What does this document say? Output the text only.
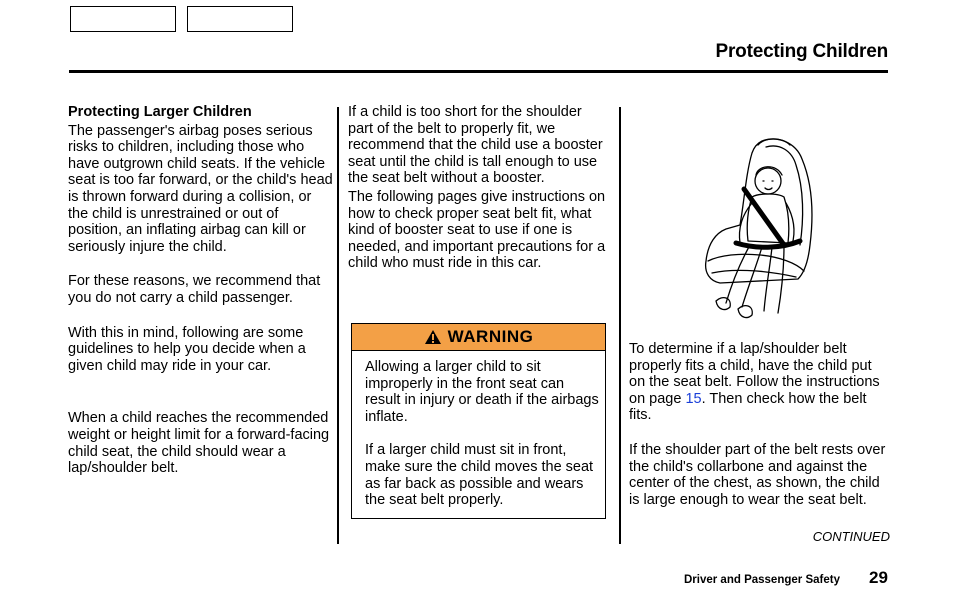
Protecting Children

Protecting Larger Children

The passenger's airbag poses serious risks to children, including those who have outgrown child seats. If the vehicle seat is too far forward, or the child's head is thrown forward during a collision, or the child is unrestrained or out of position, an inflating airbag can kill or seriously injure the child.

For these reasons, we recommend that you do not carry a child passenger.

With this in mind, following are some guidelines to help you decide when a given child may ride in your car.

When a child reaches the recommended weight or height limit for a forward-facing child seat, the child should wear a lap/shoulder belt.

If a child is too short for the shoulder part of the belt to properly fit, we recommend that the child use a booster seat until the child is tall enough to use the seat belt without a booster.

The following pages give instructions on how to check proper seat belt fit, what kind of booster seat to use if one is needed, and important precautions for a child who must ride in this car.

WARNING

Allowing a larger child to sit improperly in the front seat can result in injury or death if the airbags inflate.

If a larger child must sit in front, make sure the child moves the seat as far back as possible and wears the seat belt properly.

To determine if a lap/shoulder belt properly fits a child, have the child put on the seat belt. Follow the instructions on page 15. Then check how the belt fits.

If the shoulder part of the belt rests over the child's collarbone and against the center of the chest, as shown, the child is large enough to wear the seat belt.

CONTINUED
Driver and Passenger Safety 29
